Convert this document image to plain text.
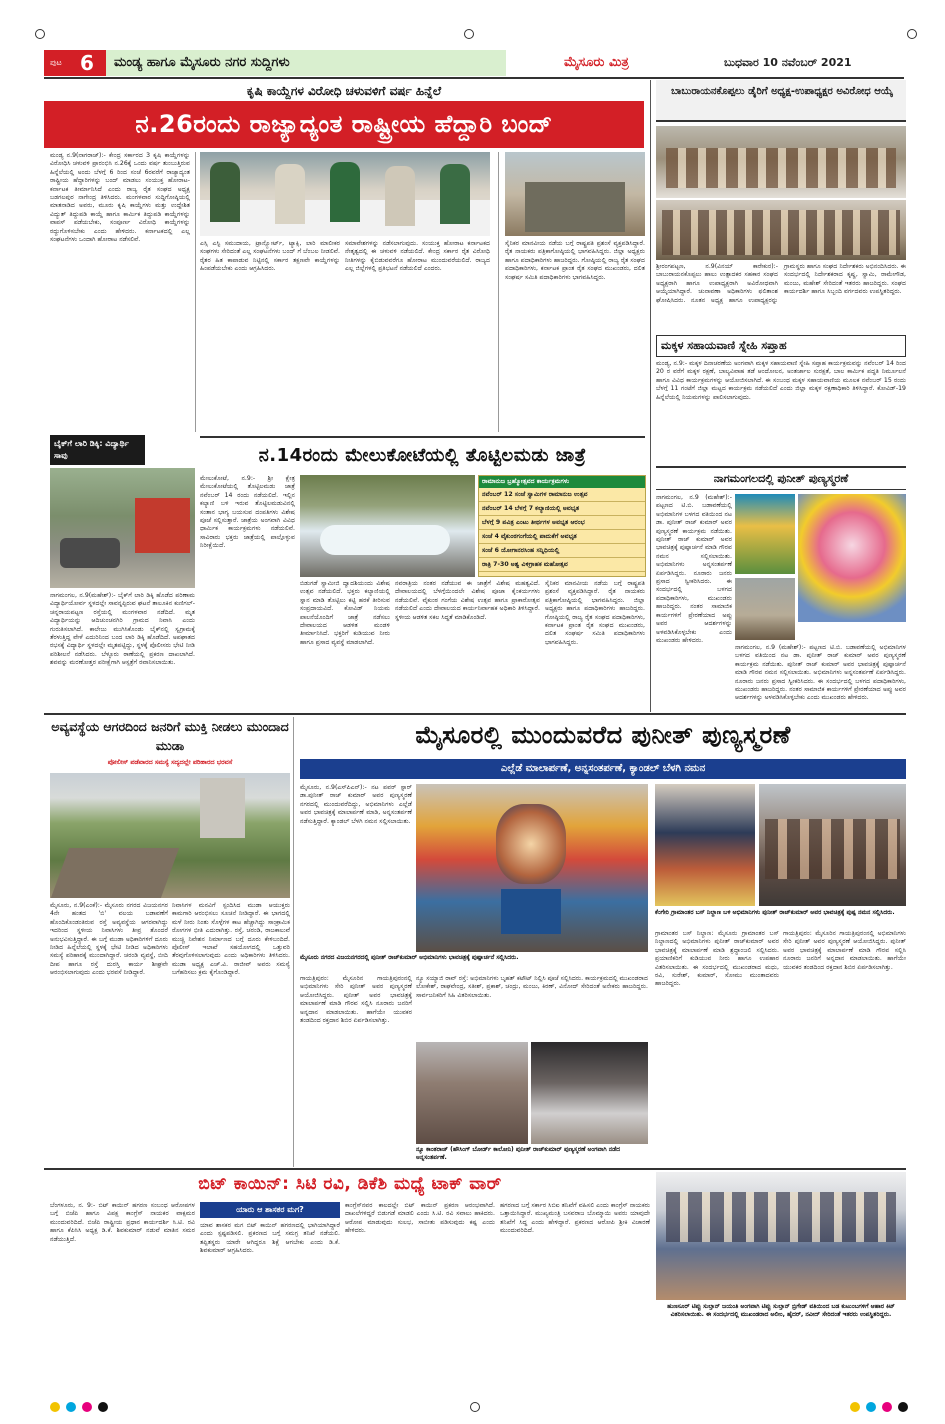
ಪುಟ 6 ಮಂಡ್ಯ ಹಾಗೂ ಮೈಸೂರು ನಗರ ಸುದ್ದಿಗಳು	ಮೈಸೂರು ಮಿತ್ರ	ಬುಧವಾರ 10 ನವೆಂಬರ್ 2021
ಕೃಷಿ ಕಾಯ್ದೆಗಳ ವಿರೋಧಿ ಚಳುವಳಿಗೆ ವರ್ಷ ಹಿನ್ನೆಲೆ
ನ.26ರಂದು ರಾಜ್ಯಾದ್ಯಂತ ರಾಷ್ಟ್ರೀಯ ಹೆದ್ದಾರಿ ಬಂದ್
ಮಂಡ್ಯ ನ.9(ನಾಗರಾಜ್):- ಕೇಂದ್ರ ಸರ್ಕಾರದ 3 ಕೃಷಿ ಕಾಯ್ದೆಗಳನ್ನು ವಿರೋಧಿಸಿ ಚಳುವಳಿ ಪ್ರಾರಂಭಿಸಿ ನ.26ಕ್ಕೆ ಒಂದು ವರ್ಷ ತುಂಬುತ್ತಿರುವ ಹಿನ್ನೆಲೆಯಲ್ಲಿ ಅಂದು ಬೆಳಗ್ಗೆ 6 ರಿಂದ ಸಂಜೆ 6ರವರೆಗೆ ರಾಜ್ಯಾದ್ಯಂತ ರಾಷ್ಟ್ರೀಯ ಹೆದ್ದಾರಿಗಳನ್ನು ಬಂದ್ ಮಾಡಲು ಸಂಯುಕ್ತ ಹೋರಾಟ-ಕರ್ನಾಟಕ ತೀರ್ಮಾನಿಸಿದೆ ಎಂದು ರಾಜ್ಯ ರೈತ ಸಂಘದ ಅಧ್ಯಕ್ಷ ಬಡಗಲಪುರ ನಾಗೇಂದ್ರ ತಿಳಿಸಿದರು. ಮಂಗಳವಾರ ಸುದ್ದಿಗೋಷ್ಠಿಯಲ್ಲಿ ಮಾತನಾಡಿದ ಅವರು, ಮೂರು ಕೃಷಿ ಕಾಯ್ದೆಗಳು ಮತ್ತು ಉದ್ದೇಶಿತ ವಿದ್ಯುತ್ ತಿದ್ದುಪಡಿ ಕಾಯ್ದೆ ಹಾಗೂ ಕಾರ್ಮಿಕ ತಿದ್ದುಪಡಿ ಕಾಯ್ದೆಗಳನ್ನು ವಾಪಸ್ ಪಡೆಯಬೇಕು, ಸಂಪೂರ್ಣ ವಿರೋಧಿ ಕಾಯ್ದೆಗಳನ್ನು ರದ್ದುಗೊಳಿಸಬೇಕು ಎಂದು ಹೇಳಿದರು. ಕರ್ನಾಟಕದಲ್ಲಿ ಎಲ್ಲ ಸಂಘಟನೆಗಳು ಒಂದಾಗಿ ಹೋರಾಟ ನಡೆಸಲಿವೆ.
ಎಸ್ಸಿ ಎಸ್ಟಿ ಸಮುದಾಯ, ಟ್ರಾನ್ಸ್ಪೋರ್ಟ್, ಟ್ಯಾಕ್ಸಿ, ಲಾರಿ ಮಾಲೀಕರ ಸಂಘಗಳು ಸೇರಿದಂತೆ ಎಲ್ಲ ಸಂಘಟನೆಗಳು ಬಂದ್ ಗೆ ಬೆಂಬಲ ನೀಡಲಿವೆ. ರೈತರ ಹಿತ ಕಾಪಾಡುವ ನಿಟ್ಟಿನಲ್ಲಿ ಸರ್ಕಾರ ತಕ್ಷಣವೇ ಕಾಯ್ದೆಗಳನ್ನು ಹಿಂಪಡೆಯಬೇಕು ಎಂದು ಆಗ್ರಹಿಸಿದರು.
ಸಮಾವೇಶಗಳನ್ನು ನಡೆಸಲಾಗುವುದು. ಸಂಯುಕ್ತ ಹೋರಾಟ ಕರ್ನಾಟಕದ ನೇತೃತ್ವದಲ್ಲಿ ಈ ಚಳುವಳಿ ನಡೆಯಲಿದೆ. ಕೇಂದ್ರ ಸರ್ಕಾರ ರೈತ ವಿರೋಧಿ ನೀತಿಗಳನ್ನು ಕೈಬಿಡುವವರೆಗೂ ಹೋರಾಟ ಮುಂದುವರೆಯಲಿದೆ. ರಾಜ್ಯದ ಎಲ್ಲ ಜಿಲ್ಲೆಗಳಲ್ಲಿ ಪ್ರತಿಭಟನೆ ನಡೆಯಲಿದೆ ಎಂದರು.
ಸೈನಿಕರ ಮಾನವೀಯ ನಡೆಯ ಬಗ್ಗೆ ರಾಷ್ಟ್ರಪತಿ ಪ್ರಶಂಸೆ ವ್ಯಕ್ತಪಡಿಸಿದ್ದಾರೆ. ರೈತ ನಾಯಕರು ಪತ್ರಿಕಾಗೋಷ್ಠಿಯಲ್ಲಿ ಭಾಗವಹಿಸಿದ್ದರು. ಜಿಲ್ಲಾ ಅಧ್ಯಕ್ಷರು ಹಾಗೂ ಪದಾಧಿಕಾರಿಗಳು ಹಾಜರಿದ್ದರು. ಗೋಷ್ಠಿಯಲ್ಲಿ ರಾಜ್ಯ ರೈತ ಸಂಘದ ಪದಾಧಿಕಾರಿಗಳು, ಕರ್ನಾಟಕ ಪ್ರಾಂತ ರೈತ ಸಂಘದ ಮುಖಂಡರು, ದಲಿತ ಸಂಘರ್ಷ ಸಮಿತಿ ಪದಾಧಿಕಾರಿಗಳು ಭಾಗವಹಿಸಿದ್ದರು.
ಬೈಕ್‌ಗೆ ಲಾರಿ ಡಿಕ್ಕಿ: ವಿದ್ಯಾರ್ಥಿ ಸಾವು
ನಾಗಮಂಗಲ, ನ.9(ಮಹೇಶ್):- ಬೈಕ್‌ಗೆ ಲಾರಿ ಡಿಕ್ಕಿ ಹೊಡೆದ ಪರಿಣಾಮ ವಿದ್ಯಾರ್ಥಿಯೋರ್ವ ಸ್ಥಳದಲ್ಲೇ ಸಾವನ್ನಪ್ಪಿರುವ ಘಟನೆ ತಾಲೂಕಿನ ಕುಣಿಗಲ್-ಚನ್ನರಾಯಪಟ್ಟಣ ರಸ್ತೆಯಲ್ಲಿ ಮಂಗಳವಾರ ನಡೆದಿದೆ. ಮೃತ ವಿದ್ಯಾರ್ಥಿಯನ್ನು ಆದಿಚುಂಚನಗಿರಿ ಗ್ರಾಮದ ನಿವಾಸಿ ಎಂದು ಗುರುತಿಸಲಾಗಿದೆ. ಕಾಲೇಜು ಮುಗಿಸಿಕೊಂಡು ಬೈಕ್‌ನಲ್ಲಿ ಸ್ವಗ್ರಾಮಕ್ಕೆ ತೆರಳುತ್ತಿದ್ದ ವೇಳೆ ಎದುರಿನಿಂದ ಬಂದ ಲಾರಿ ಡಿಕ್ಕಿ ಹೊಡೆದಿದೆ. ಅಪಘಾತದ ರಭಸಕ್ಕೆ ವಿದ್ಯಾರ್ಥಿ ಸ್ಥಳದಲ್ಲೇ ಮೃತಪಟ್ಟಿದ್ದು, ಸ್ಥಳಕ್ಕೆ ಪೊಲೀಸರು ಭೇಟಿ ನೀಡಿ ಪರಿಶೀಲನೆ ನಡೆಸಿದರು. ಬೆಳ್ಳೂರು ಠಾಣೆಯಲ್ಲಿ ಪ್ರಕರಣ ದಾಖಲಾಗಿದೆ. ಶವವನ್ನು ಮರಣೋತ್ತರ ಪರೀಕ್ಷೆಗಾಗಿ ಆಸ್ಪತ್ರೆಗೆ ರವಾನಿಸಲಾಯಿತು.
ನ.14ರಂದು ಮೇಲುಕೋಟೆಯಲ್ಲಿ ತೊಟ್ಟಿಲಮಡು ಜಾತ್ರೆ
ರಾಮಾನುಜ ಬ್ರಹ್ಮೋತ್ಸವದ ಕಾರ್ಯಕ್ರಮಗಳು
ನವೆಂಬರ್ 12 ಸಂಜೆ ಸ್ವಾಮಿಗಳ ರಾಮಾನುಜ ಉತ್ಸವ
ನವೆಂಬರ್ 14 ಬೆಳಗ್ಗೆ 7 ಕಲ್ಯಾಣಿಯಲ್ಲಿ ಅವಭೃತ
ಬೆಳಗ್ಗೆ 9 ಪವಿತ್ರ ಎಂಟು ತೀರ್ಥಗಳ ಅವಭೃತ ಆರಂಭ
ಸಂಜೆ 4 ವೈಕುಂಠಗಂಗೆಯಲ್ಲಿ ಪಾದುಕೆಗೆ ಅವಭೃತ
ಸಂಜೆ 6 ಯೋಗಾನರಸಿಂಹ ಸನ್ನಿಧಿಯಲ್ಲಿ
ರಾತ್ರಿ 7-30 ಅಶ್ವ ವಿಳಿಗ್ರಾಹಕ ಮಹೋತ್ಸವ
ಮೇಲುಕೋಟೆ, ನ.9:- ಶ್ರೀ ಕ್ಷೇತ್ರ ಮೇಲುಕೋಟೆಯಲ್ಲಿ ತೊಟ್ಟಿಲಮಡು ಜಾತ್ರೆ ನವೆಂಬರ್ 14 ರಂದು ನಡೆಯಲಿದೆ. ಇಲ್ಲಿನ ಕಲ್ಯಾಣಿ ಬಳಿ ಇರುವ ತೊಟ್ಟಿಲಮಡುವಿನಲ್ಲಿ ಸಂತಾನ ಭಾಗ್ಯ ಬಯಸುವ ದಂಪತಿಗಳು ವಿಶೇಷ ಪೂಜೆ ಸಲ್ಲಿಸುತ್ತಾರೆ. ಜಾತ್ರೆಯ ಅಂಗವಾಗಿ ವಿವಿಧ ಧಾರ್ಮಿಕ ಕಾರ್ಯಕ್ರಮಗಳು ನಡೆಯಲಿವೆ. ಸಾವಿರಾರು ಭಕ್ತರು ಜಾತ್ರೆಯಲ್ಲಿ ಪಾಲ್ಗೊಳ್ಳುವ ನಿರೀಕ್ಷೆಯಿದೆ.
ಬಿಡುಗಡೆ ಸ್ವಾಮೀಜಿ ದ್ವಾದಶಿಯಂದು ವಿಶೇಷ ಉತ್ಸವ ನಡೆಯಲಿದೆ. ಭಕ್ತರು ಕಲ್ಯಾಣಿಯಲ್ಲಿ ಸ್ನಾನ ಮಾಡಿ ತೊಟ್ಟಿಲು ಕಟ್ಟಿ ಹರಕೆ ತೀರಿಸುವ ಸಂಪ್ರದಾಯವಿದೆ. ಕೋವಿಡ್ ನಿಯಮ ಪಾಲನೆಯೊಂದಿಗೆ ಜಾತ್ರೆ ನಡೆಸಲು ದೇವಾಲಯದ ಆಡಳಿತ ಮಂಡಳಿ ತೀರ್ಮಾನಿಸಿದೆ. ಭಕ್ತರಿಗೆ ಕುಡಿಯುವ ನೀರು ಹಾಗೂ ಪ್ರಸಾದ ವ್ಯವಸ್ಥೆ ಮಾಡಲಾಗಿದೆ.
ನವರಾತ್ರಿಯ ನಂತರ ನಡೆಯುವ ಈ ಜಾತ್ರೆಗೆ ವಿಶೇಷ ಮಹತ್ವವಿದೆ. ದೇವಾಲಯದಲ್ಲಿ ಬೆಳಗ್ಗೆಯಿಂದಲೇ ವಿಶೇಷ ಪೂಜಾ ಕೈಂಕರ್ಯಗಳು ನಡೆಯಲಿವೆ. ವೈಕುಂಠ ಗಂಗೆಯ ವಿಶೇಷ ಉತ್ಸವ ಹಾಗೂ ಪ್ರಾಕಾರೋತ್ಸವ ನಡೆಯಲಿದೆ ಎಂದು ದೇವಾಲಯದ ಕಾರ್ಯನಿರ್ವಾಹಕ ಅಧಿಕಾರಿ ತಿಳಿಸಿದ್ದಾರೆ. ಸ್ಥಳೀಯ ಆಡಳಿತ ಸಕಲ ಸಿದ್ಧತೆ ಮಾಡಿಕೊಂಡಿದೆ.
ಸೈನಿಕರ ಮಾನವೀಯ ನಡೆಯ ಬಗ್ಗೆ ರಾಷ್ಟ್ರಪತಿ ಪ್ರಶಂಸೆ ವ್ಯಕ್ತಪಡಿಸಿದ್ದಾರೆ. ರೈತ ನಾಯಕರು ಪತ್ರಿಕಾಗೋಷ್ಠಿಯಲ್ಲಿ ಭಾಗವಹಿಸಿದ್ದರು. ಜಿಲ್ಲಾ ಅಧ್ಯಕ್ಷರು ಹಾಗೂ ಪದಾಧಿಕಾರಿಗಳು ಹಾಜರಿದ್ದರು. ಗೋಷ್ಠಿಯಲ್ಲಿ ರಾಜ್ಯ ರೈತ ಸಂಘದ ಪದಾಧಿಕಾರಿಗಳು, ಕರ್ನಾಟಕ ಪ್ರಾಂತ ರೈತ ಸಂಘದ ಮುಖಂಡರು, ದಲಿತ ಸಂಘರ್ಷ ಸಮಿತಿ ಪದಾಧಿಕಾರಿಗಳು ಭಾಗವಹಿಸಿದ್ದರು.
ಬಾಬುರಾಯನಕೊಪ್ಪಲು ಡೈರಿಗೆ ಅಧ್ಯಕ್ಷ-ಉಪಾಧ್ಯಕ್ಷರ ಅವಿರೋಧ ಆಯ್ಕೆ
ಶ್ರೀರಂಗಪಟ್ಟಣ, ನ.9(ವಿನಯ್ ಕಾರೇಕುರ):- ಬಾಬುರಾಯನಕೊಪ್ಪಲು ಹಾಲು ಉತ್ಪಾದಕರ ಸಹಕಾರ ಸಂಘದ ಅಧ್ಯಕ್ಷರಾಗಿ ಹಾಗೂ ಉಪಾಧ್ಯಕ್ಷರಾಗಿ ಅವಿರೋಧವಾಗಿ ಆಯ್ಕೆಯಾಗಿದ್ದಾರೆ. ಚುನಾವಣಾ ಅಧಿಕಾರಿಗಳು ಫಲಿತಾಂಶ ಘೋಷಿಸಿದರು. ನೂತನ ಅಧ್ಯಕ್ಷ ಹಾಗೂ ಉಪಾಧ್ಯಕ್ಷರನ್ನು ಗ್ರಾಮಸ್ಥರು ಹಾಗೂ ಸಂಘದ ನಿರ್ದೇಶಕರು ಅಭಿನಂದಿಸಿದರು. ಈ ಸಂದರ್ಭದಲ್ಲಿ ನಿರ್ದೇಶಕರಾದ ಕೃಷ್ಣ, ಸ್ವಾಮಿ, ರಾಮೇಗೌಡ, ಮಂಜು, ಮಹೇಶ್ ಸೇರಿದಂತೆ ಇತರರು ಹಾಜರಿದ್ದರು. ಸಂಘದ ಕಾರ್ಯದರ್ಶಿ ಹಾಗೂ ಸಿಬ್ಬಂದಿ ವರ್ಗದವರು ಉಪಸ್ಥಿತರಿದ್ದರು.
ಮಕ್ಕಳ ಸಹಾಯವಾಣಿ ಸ್ನೇಹಿ ಸಪ್ತಾಹ
ಮಂಡ್ಯ, ನ.9:- ಮಕ್ಕಳ ದಿನಾಚರಣೆಯ ಅಂಗವಾಗಿ ಮಕ್ಕಳ ಸಹಾಯವಾಣಿ ಸ್ನೇಹಿ ಸಪ್ತಾಹ ಕಾರ್ಯಕ್ರಮವನ್ನು ನವೆಂಬರ್ 14 ರಿಂದ 20 ರ ವರೆಗೆ ಮಕ್ಕಳ ರಕ್ಷಣೆ, ಬಾಲ್ಯವಿವಾಹ ತಡೆ ಆಂದೋಲನ, ಅಂತರ್ಜಾಲ ಸುರಕ್ಷತೆ, ಬಾಲ ಕಾರ್ಮಿಕ ಪದ್ಧತಿ ನಿರ್ಮೂಲನೆ ಹಾಗೂ ವಿವಿಧ ಕಾರ್ಯಕ್ರಮಗಳನ್ನು ಆಯೋಜಿಸಲಾಗಿದೆ. ಈ ಸಂಬಂಧ ಮಕ್ಕಳ ಸಹಾಯವಾಣಿಯ ಮೂಲಕ ನವೆಂಬರ್ 15 ರಂದು ಬೆಳಗ್ಗೆ 11 ಗಂಟೆಗೆ ಜಿಲ್ಲಾ ಮಟ್ಟದ ಕಾರ್ಯಕ್ರಮ ನಡೆಯಲಿದೆ ಎಂದು ಜಿಲ್ಲಾ ಮಕ್ಕಳ ರಕ್ಷಣಾಧಿಕಾರಿ ತಿಳಿಸಿದ್ದಾರೆ. ಕೋವಿಡ್-19 ಹಿನ್ನೆಲೆಯಲ್ಲಿ ನಿಯಮಗಳನ್ನು ಪಾಲಿಸಲಾಗುವುದು.
ನಾಗಮಂಗಲದಲ್ಲಿ ಪುನೀತ್ ಪುಣ್ಯಸ್ಮರಣೆ
ನಾಗಮಂಗಲ, ನ.9 (ಮಹೇಶ್):- ಪಟ್ಟಣದ ಟಿ.ಬಿ. ಬಡಾವಣೆಯಲ್ಲಿ ಅಭಿಮಾನಿಗಳ ಬಳಗದ ವತಿಯಿಂದ ನಟ ಡಾ. ಪುನೀತ್ ರಾಜ್ ಕುಮಾರ್ ಅವರ ಪುಣ್ಯಸ್ಮರಣೆ ಕಾರ್ಯಕ್ರಮ ನಡೆಯಿತು. ಪುನೀತ್ ರಾಜ್ ಕುಮಾರ್ ಅವರ ಭಾವಚಿತ್ರಕ್ಕೆ ಪುಷ್ಪಾರ್ಚನೆ ಮಾಡಿ ಗೌರವ ನಮನ ಸಲ್ಲಿಸಲಾಯಿತು. ಅಭಿಮಾನಿಗಳು ಅನ್ನಸಂತರ್ಪಣೆ ಏರ್ಪಡಿಸಿದ್ದರು. ನೂರಾರು ಜನರು ಪ್ರಸಾದ ಸ್ವೀಕರಿಸಿದರು. ಈ ಸಂದರ್ಭದಲ್ಲಿ ಬಳಗದ ಪದಾಧಿಕಾರಿಗಳು, ಮುಖಂಡರು ಹಾಜರಿದ್ದರು. ನಂತರ ಸಾಮಾಜಿಕ ಕಾರ್ಯಗಳಿಗೆ ಪ್ರೇರಣೆಯಾದ ಅಪ್ಪು ಅವರ ಆದರ್ಶಗಳನ್ನು ಅಳವಡಿಸಿಕೊಳ್ಳಬೇಕು ಎಂದು ಮುಖಂಡರು ಹೇಳಿದರು.
ನಾಗಮಂಗಲ, ನ.9 (ಮಹೇಶ್):- ಪಟ್ಟಣದ ಟಿ.ಬಿ. ಬಡಾವಣೆಯಲ್ಲಿ ಅಭಿಮಾನಿಗಳ ಬಳಗದ ವತಿಯಿಂದ ನಟ ಡಾ. ಪುನೀತ್ ರಾಜ್ ಕುಮಾರ್ ಅವರ ಪುಣ್ಯಸ್ಮರಣೆ ಕಾರ್ಯಕ್ರಮ ನಡೆಯಿತು. ಪುನೀತ್ ರಾಜ್ ಕುಮಾರ್ ಅವರ ಭಾವಚಿತ್ರಕ್ಕೆ ಪುಷ್ಪಾರ್ಚನೆ ಮಾಡಿ ಗೌರವ ನಮನ ಸಲ್ಲಿಸಲಾಯಿತು. ಅಭಿಮಾನಿಗಳು ಅನ್ನಸಂತರ್ಪಣೆ ಏರ್ಪಡಿಸಿದ್ದರು. ನೂರಾರು ಜನರು ಪ್ರಸಾದ ಸ್ವೀಕರಿಸಿದರು. ಈ ಸಂದರ್ಭದಲ್ಲಿ ಬಳಗದ ಪದಾಧಿಕಾರಿಗಳು, ಮುಖಂಡರು ಹಾಜರಿದ್ದರು. ನಂತರ ಸಾಮಾಜಿಕ ಕಾರ್ಯಗಳಿಗೆ ಪ್ರೇರಣೆಯಾದ ಅಪ್ಪು ಅವರ ಆದರ್ಶಗಳನ್ನು ಅಳವಡಿಸಿಕೊಳ್ಳಬೇಕು ಎಂದು ಮುಖಂಡರು ಹೇಳಿದರು.
ಅವ್ಯವಸ್ಥೆಯ ಆಗರದಿಂದ ಜನರಿಗೆ ಮುಕ್ತಿ ನೀಡಲು ಮುಂದಾದ ಮುಡಾ
ಪೋಲೀಸ್ ಪಡೆವಾರದ ಸಮಸ್ಯೆ ಸದ್ಯದಲ್ಲೇ ಪರಿಹಾರದ ಭರವಸೆ
ಮೈಸೂರು, ನ.9(ಎಂಕೆ):- ಮೈಸೂರು ನಗರದ ವಿಜಯನಗರ 4ನೇ ಹಂತದ 'ಬಿ' ವಲಯ ಬಡಾವಣೆಗೆ ಹೊಂದಿಕೊಂಡಂತಿರುವ ರಸ್ತೆ ಅವ್ಯವಸ್ಥೆಯ ಆಗರವಾಗಿದ್ದು ಇದರಿಂದ ಸ್ಥಳೀಯ ನಿವಾಸಿಗಳು ತೀವ್ರ ತೊಂದರೆ ಅನುಭವಿಸುತ್ತಿದ್ದಾರೆ. ಈ ಬಗ್ಗೆ ಮುಡಾ ಅಧಿಕಾರಿಗಳಿಗೆ ದೂರು ನೀಡಿದ ಹಿನ್ನೆಲೆಯಲ್ಲಿ ಸ್ಥಳಕ್ಕೆ ಭೇಟಿ ನೀಡಿದ ಅಧಿಕಾರಿಗಳು ಸಮಸ್ಯೆ ಪರಿಹಾರಕ್ಕೆ ಮುಂದಾಗಿದ್ದಾರೆ. ಚರಂಡಿ ವ್ಯವಸ್ಥೆ, ಬೀದಿ ದೀಪ ಹಾಗೂ ರಸ್ತೆ ದುರಸ್ತಿ ಕಾರ್ಯ ಶೀಘ್ರವೇ ಆರಂಭಿಸಲಾಗುವುದು ಎಂದು ಭರವಸೆ ನೀಡಿದ್ದಾರೆ.
ನಿವಾಸಿಗಳ ಮನವಿಗೆ ಸ್ಪಂದಿಸಿದ ಮುಡಾ ಆಯುಕ್ತರು ಕಾಮಗಾರಿ ಆರಂಭಿಸಲು ಸೂಚನೆ ನೀಡಿದ್ದಾರೆ. ಈ ಭಾಗದಲ್ಲಿ ಮಳೆ ನೀರು ನಿಂತು ಸೊಳ್ಳೆಗಳ ಕಾಟ ಹೆಚ್ಚಾಗಿದ್ದು ಸಾಂಕ್ರಾಮಿಕ ರೋಗಗಳ ಭೀತಿ ಎದುರಾಗಿತ್ತು. ರಸ್ತೆ, ಚರಂಡಿ, ರಾಜಕಾಲುವೆ ಮುಚ್ಚಿ ನಿವೇಶನ ನಿರ್ಮಾಣದ ಬಗ್ಗೆ ದೂರು ಕೇಳಿಬಂದಿದೆ. ಪೊಲೀಸ್ ಇಲಾಖೆ ಸಹಯೋಗದಲ್ಲಿ ಒತ್ತುವರಿ ತೆರವುಗೊಳಿಸಲಾಗುವುದು ಎಂದು ಅಧಿಕಾರಿಗಳು ತಿಳಿಸಿದರು. ಮುಡಾ ಅಧ್ಯಕ್ಷ ಎಚ್.ವಿ. ರಾಜೀವ್ ಅವರು ಸಮಸ್ಯೆ ಬಗೆಹರಿಸಲು ಕ್ರಮ ಕೈಗೊಂಡಿದ್ದಾರೆ.
ಮೈಸೂರಲ್ಲಿ ಮುಂದುವರೆದ ಪುನೀತ್ ಪುಣ್ಯಸ್ಮರಣೆ
ಎಲ್ಲೆಡೆ ಮಾಲಾರ್ಪಣೆ, ಅನ್ನಸಂತರ್ಪಣೆ, ಕ್ಯಾಂಡಲ್ ಬೆಳಗಿ ನಮನ
ಮೈಸೂರು, ನ.9(ಎಸ್‌ಪಿಎನ್):- ನಟ ಪವರ್ ಸ್ಟಾರ್ ಡಾ.ಪುನೀತ್ ರಾಜ್ ಕುಮಾರ್ ಅವರ ಪುಣ್ಯಸ್ಮರಣೆ ನಗರದಲ್ಲಿ ಮುಂದುವರೆದಿದ್ದು, ಅಭಿಮಾನಿಗಳು ಎಲ್ಲೆಡೆ ಅವರ ಭಾವಚಿತ್ರಕ್ಕೆ ಮಾಲಾರ್ಪಣೆ ಮಾಡಿ, ಅನ್ನಸಂತರ್ಪಣೆ ನಡೆಸುತ್ತಿದ್ದಾರೆ. ಕ್ಯಾಂಡಲ್ ಬೆಳಗಿ ನಮನ ಸಲ್ಲಿಸಲಾಯಿತು.
ಮೈಸೂರು ನಗರದ ವಿಜಯನಗರದಲ್ಲಿ ಪುನೀತ್ ರಾಜ್‌ಕುಮಾರ್ ಅಭಿಮಾನಿಗಳು ಭಾವಚಿತ್ರಕ್ಕೆ ಪುಷ್ಪಾರ್ಚನೆ ಸಲ್ಲಿಸಿದರು.
ಕೆಂಗೇರಿ ಗ್ರಾಮಾಂತರ ಬಸ್ ನಿಲ್ದಾಣ ಬಳಿ ಅಭಿಮಾನಿಗಳು ಪುನೀತ್ ರಾಜ್‌ಕುಮಾರ್ ಅವರ ಭಾವಚಿತ್ರಕ್ಕೆ ಪುಷ್ಪ ನಮನ ಸಲ್ಲಿಸಿದರು.
ಗಾಯತ್ರಿಪುರಂ: ಮೈಸೂರಿನ ಗಾಯತ್ರಿಪುರಂನಲ್ಲಿ ಅಭಿಮಾನಿಗಳು ಸೇರಿ ಪುನೀತ್ ಅವರ ಪುಣ್ಯಸ್ಮರಣೆ ಆಯೋಜಿಸಿದ್ದರು. ಪುನೀತ್ ಅವರ ಭಾವಚಿತ್ರಕ್ಕೆ ಮಾಲಾರ್ಪಣೆ ಮಾಡಿ ಗೌರವ ಸಲ್ಲಿಸಿ ನೂರಾರು ಜನರಿಗೆ ಅನ್ನದಾನ ಮಾಡಲಾಯಿತು. ಹಾಗೆಯೇ ಯುವಕರ ತಂಡದಿಂದ ರಕ್ತದಾನ ಶಿಬಿರ ಏರ್ಪಡಿಸಲಾಗಿತ್ತು.
ನ್ಯೂ ಸಯ್ಯಾಜಿ ರಾವ್ ರಸ್ತೆ: ಅಭಿಮಾನಿಗಳು ಬೃಹತ್ ಕಟೌಟ್ ನಿಲ್ಲಿಸಿ ಪೂಜೆ ಸಲ್ಲಿಸಿದರು. ಕಾರ್ಯಕ್ರಮದಲ್ಲಿ ಮುಖಂಡರಾದ ಲೋಕೇಶ್, ರಾಘವೇಂದ್ರ, ಸತೀಶ್, ಪ್ರಕಾಶ್, ಚಂದ್ರು, ಮಂಜು, ಕಿರಣ್, ವಿನೋದ್ ಸೇರಿದಂತೆ ಅನೇಕರು ಹಾಜರಿದ್ದರು. ಸಾರ್ವಜನಿಕರಿಗೆ ಸಿಹಿ ವಿತರಿಸಲಾಯಿತು.
ನ್ಯೂ ಕಾಂತರಾಜ್ (ಹೌಸಿಂಗ್ ಬೋರ್ಡ್ ಕಾಲೋನಿ) ಪುನೀತ್ ರಾಜ್‌ಕುಮಾರ್ ಪುಣ್ಯಸ್ಮರಣೆ ಅಂಗವಾಗಿ ನಡೆದ ಅನ್ನಸಂತರ್ಪಣೆ.
ಗ್ರಾಮಾಂತರ ಬಸ್ ನಿಲ್ದಾಣ: ಮೈಸೂರು ಗ್ರಾಮಾಂತರ ಬಸ್ ನಿಲ್ದಾಣದಲ್ಲಿ ಅಭಿಮಾನಿಗಳು ಪುನೀತ್ ರಾಜ್‌ಕುಮಾರ್ ಅವರ ಭಾವಚಿತ್ರಕ್ಕೆ ಮಾಲಾರ್ಪಣೆ ಮಾಡಿ ಶ್ರದ್ಧಾಂಜಲಿ ಸಲ್ಲಿಸಿದರು. ಪ್ರಯಾಣಿಕರಿಗೆ ಕುಡಿಯುವ ನೀರು ಹಾಗೂ ಉಪಹಾರ ವಿತರಿಸಲಾಯಿತು. ಈ ಸಂದರ್ಭದಲ್ಲಿ ಮುಖಂಡರಾದ ಮಧು, ರವಿ, ಸುರೇಶ್, ಕುಮಾರ್, ಸೋಮು ಮುಂತಾದವರು ಹಾಜರಿದ್ದರು.
ಗಾಯತ್ರಿಪುರಂ: ಮೈಸೂರಿನ ಗಾಯತ್ರಿಪುರಂನಲ್ಲಿ ಅಭಿಮಾನಿಗಳು ಸೇರಿ ಪುನೀತ್ ಅವರ ಪುಣ್ಯಸ್ಮರಣೆ ಆಯೋಜಿಸಿದ್ದರು. ಪುನೀತ್ ಅವರ ಭಾವಚಿತ್ರಕ್ಕೆ ಮಾಲಾರ್ಪಣೆ ಮಾಡಿ ಗೌರವ ಸಲ್ಲಿಸಿ ನೂರಾರು ಜನರಿಗೆ ಅನ್ನದಾನ ಮಾಡಲಾಯಿತು. ಹಾಗೆಯೇ ಯುವಕರ ತಂಡದಿಂದ ರಕ್ತದಾನ ಶಿಬಿರ ಏರ್ಪಡಿಸಲಾಗಿತ್ತು.
ಬಿಟ್ ಕಾಯಿನ್: ಸಿಟಿ ರವಿ, ಡಿಕೆಶಿ ಮಧ್ಯೆ ಟಾಕ್ ವಾರ್
ಬೆಂಗಳೂರು, ನ. 9:- ಬಿಟ್ ಕಾಯಿನ್ ಹಗರಣ ಸಂಬಂಧ ಆರೋಪಗಳ ಬಗ್ಗೆ ಬಿಜೆಪಿ ಹಾಗೂ ವಿಪಕ್ಷ ಕಾಂಗ್ರೆಸ್ ನಾಯಕರ ವಾಕ್ಸಮರ ಮುಂದುವರಿದಿದೆ. ಬಿಜೆಪಿ ರಾಷ್ಟ್ರೀಯ ಪ್ರಧಾನ ಕಾರ್ಯದರ್ಶಿ ಸಿ.ಟಿ. ರವಿ ಹಾಗೂ ಕೆಪಿಸಿಸಿ ಅಧ್ಯಕ್ಷ ಡಿ.ಕೆ. ಶಿವಕುಮಾರ್ ನಡುವೆ ಮಾತಿನ ಸಮರ ನಡೆಯುತ್ತಿದೆ.
ಯಾರು ಆ ಶಾಸಕರ ಮಗ?
ಯಾವ ಶಾಸಕರ ಮಗ ಬಿಟ್ ಕಾಯಿನ್ ಹಗರಣದಲ್ಲಿ ಭಾಗಿಯಾಗಿದ್ದಾರೆ ಎಂದು ಸ್ಪಷ್ಟಪಡಿಸಲಿ. ಪ್ರಕರಣದ ಬಗ್ಗೆ ಸಮಗ್ರ ತನಿಖೆ ನಡೆಯಲಿ. ತಪ್ಪಿತಸ್ಥರು ಯಾರೇ ಆಗಿದ್ದರೂ ಶಿಕ್ಷೆ ಆಗಬೇಕು ಎಂದು ಡಿ.ಕೆ. ಶಿವಕುಮಾರ್ ಆಗ್ರಹಿಸಿದರು.
ಕಾಂಗ್ರೆಸ್‌ನವರ ಕಾಲದಲ್ಲೇ ಬಿಟ್ ಕಾಯಿನ್ ಪ್ರಕರಣ ಆರಂಭವಾಗಿದೆ. ದಾಖಲೆಗಳಿದ್ದರೆ ಬಿಡುಗಡೆ ಮಾಡಲಿ ಎಂದು ಸಿ.ಟಿ. ರವಿ ಸವಾಲು ಹಾಕಿದರು. ಆರೋಪ ಮಾಡುವುದು ಸುಲಭ, ಸಾಬೀತು ಪಡಿಸುವುದು ಕಷ್ಟ ಎಂದು ಹೇಳಿದರು.
ಹಗರಣದ ಬಗ್ಗೆ ಸರ್ಕಾರ ಸಿಬಿಐ ತನಿಖೆಗೆ ವಹಿಸಲಿ ಎಂದು ಕಾಂಗ್ರೆಸ್ ನಾಯಕರು ಒತ್ತಾಯಿಸಿದ್ದಾರೆ. ಮುಖ್ಯಮಂತ್ರಿ ಬಸವರಾಜ ಬೊಮ್ಮಾಯಿ ಅವರು ಯಾವುದೇ ತನಿಖೆಗೆ ಸಿದ್ಧ ಎಂದು ಹೇಳಿದ್ದಾರೆ. ಪ್ರಕರಣದ ಆರೋಪಿ ಶ್ರೀಕಿ ವಿಚಾರಣೆ ಮುಂದುವರಿದಿದೆ.
ಹುಣಸೂರ್ ಟಿಪ್ಪು ಸುಲ್ತಾನ್ ಜಯಂತಿ ಅಂಗವಾಗಿ ಟಿಪ್ಪು ಸುಲ್ತಾನ್ ಬ್ರಿಗೇಡ್ ವತಿಯಿಂದ ಬಡ ಕುಟುಂಬಗಳಿಗೆ ಆಹಾರ ಕಿಟ್ ವಿತರಿಸಲಾಯಿತು. ಈ ಸಂದರ್ಭದಲ್ಲಿ ಮುಖಂಡರಾದ ಅಲೀಂ, ಹೈದರ್, ನವೀದ್ ಸೇರಿದಂತೆ ಇತರರು ಉಪಸ್ಥಿತರಿದ್ದರು.
